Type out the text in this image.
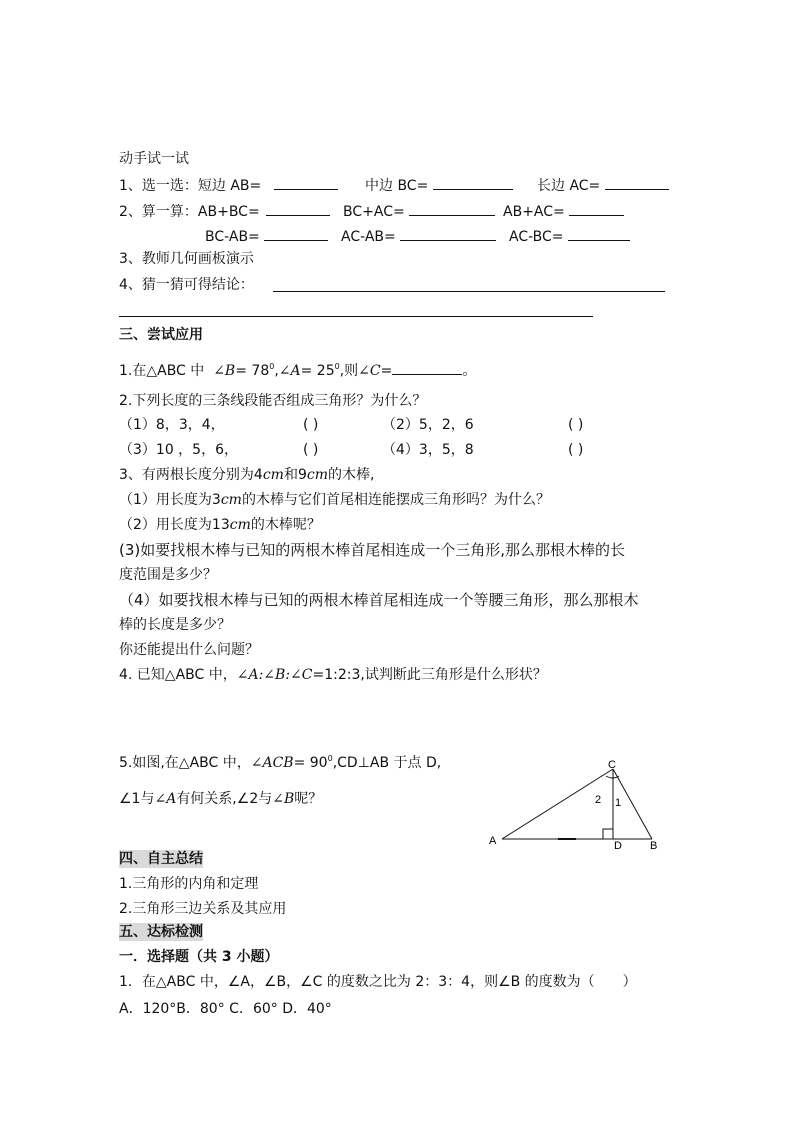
动手试一试
1、选一选：短边 AB=	中边 BC=	长边 AC=
2、算一算：AB+BC=	BC+AC=	AB+AC=
BC-AB=	AC-AB=	AC-BC=
3、教师几何画板演示
4、猜一猜可得结论：
三、尝试应用
1.在△ABC 中 ∠B= $78^0,\angle A= 25^0$,则∠C=	。
2.下列长度的三条线段能否组成三角形？为什么？
（1）8，3，4，	( )	（2）5，2，6	( )
（3）10 ，5，6，	( )	（4）3，5，8	( )
3、有两根长度分别为4cm和9cm的木棒,
（1）用长度为3cm的木棒与它们首尾相连能摆成三角形吗？为什么？
（2）用长度为13cm的木棒呢？
(3)如要找根木棒与已知的两根木棒首尾相连成一个三角形,那么那根木棒的长
度范围是多少？
（4）如要找根木棒与已知的两根木棒首尾相连成一个等腰三角形，那么那根木
棒的长度是多少？
你还能提出什么问题？
4. 已知△ABC 中，∠A:∠B:∠C=1:2:3,试判断此三角形是什么形状？
5.如图,在△ABC 中，∠ACB= $90^0,CD\perp AB$ 于点 D,
∠1与∠A有何关系,∠2与∠B呢？
C
A	D	B
2 1
四、自主总结
1.三角形的内角和定理
2.三角形三边关系及其应用
五、达标检测
一．选择题（共 3 小题）
1．在△ABC 中，∠A，∠B，∠C 的度数之比为 2：3：4，则∠B 的度数为（　　）
A．120°B．80° C．60° D．40°
